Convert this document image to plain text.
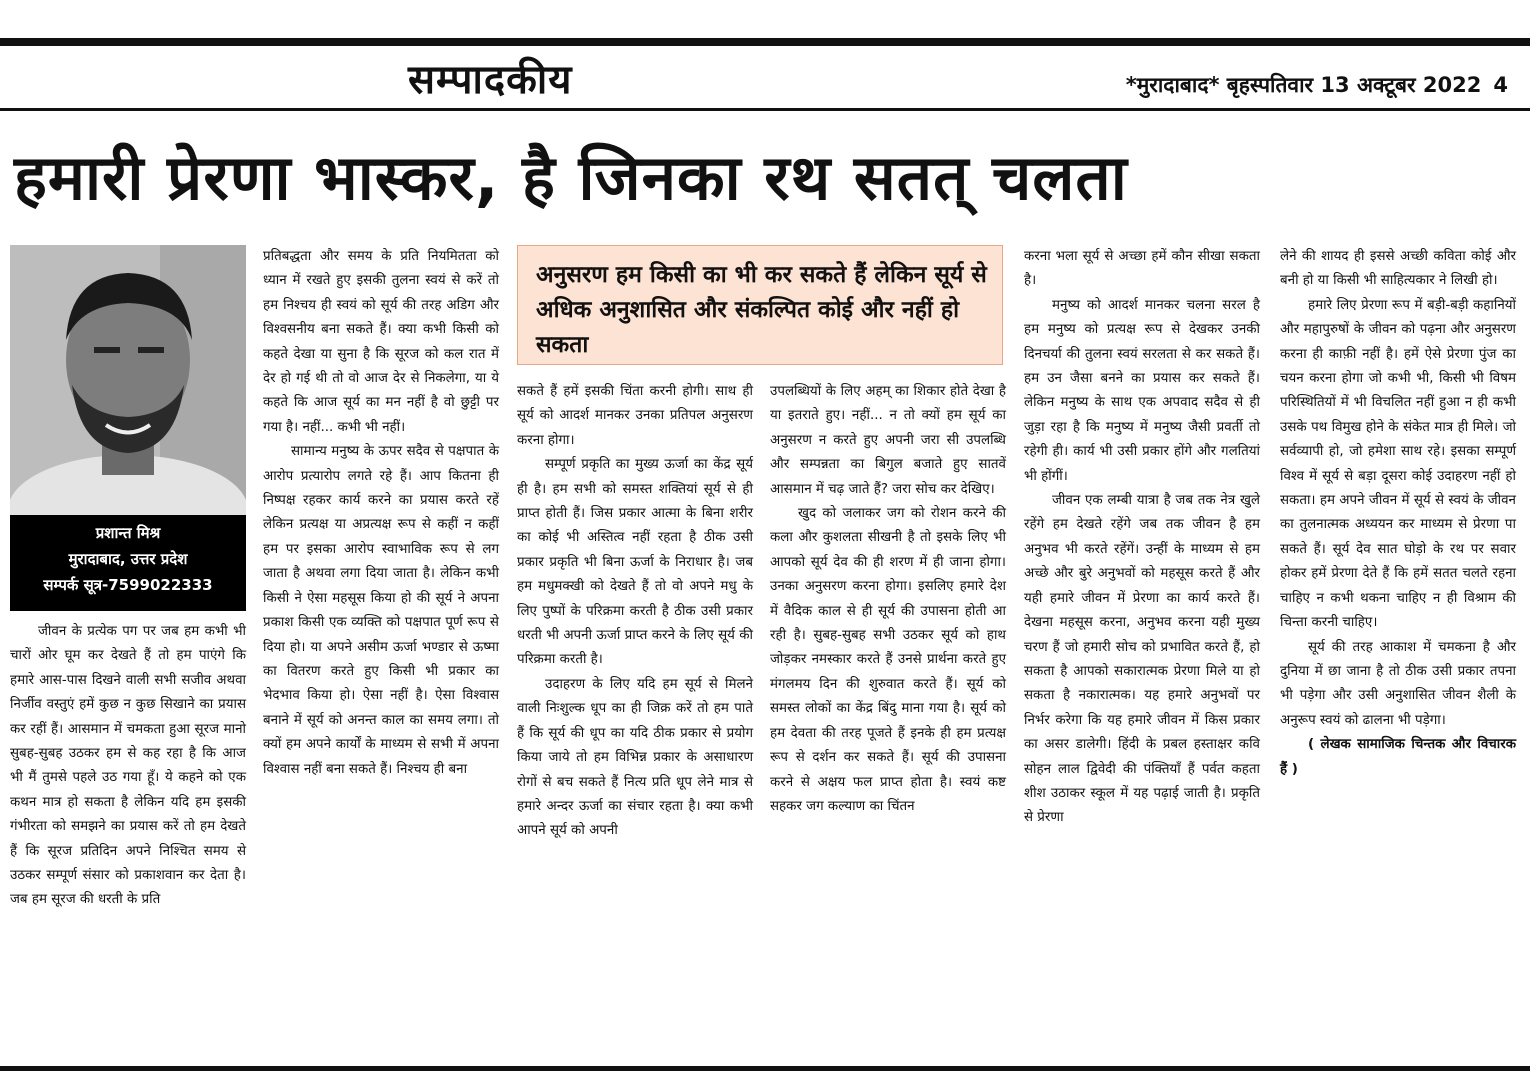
सम्पादकीय	*मुरादाबाद* बृहस्पतिवार 13 अक्टूबर 2022 4
हमारी प्रेरणा भास्कर, है जिनका रथ सतत् चलता
प्रशान्त मिश्र
मुरादाबाद, उत्तर प्रदेश
सम्पर्क सूत्र-7599022333
अनुसरण हम किसी का भी कर सकते हैं लेकिन सूर्य से अधिक अनुशासित और संकल्पित कोई और नहीं हो सकता

जीवन के प्रत्येक पग पर जब हम कभी भी चारों ओर घूम कर देखते हैं तो हम पाएंगे कि हमारे आस-पास दिखने वाली सभी सजीव अथवा निर्जीव वस्तुएं हमें कुछ न कुछ सिखाने का प्रयास कर रहीं हैं। आसमान में चमकता हुआ सूरज मानो सुबह-सुबह उठकर हम से कह रहा है कि आज भी मैं तुमसे पहले उठ गया हूँ। ये कहने को एक कथन मात्र हो सकता है लेकिन यदि हम इसकी गंभीरता को समझने का प्रयास करें तो हम देखते हैं कि सूरज प्रतिदिन अपने निश्चित समय से उठकर सम्पूर्ण संसार को प्रकाशवान कर देता है। जब हम सूरज की धरती के प्रति

प्रतिबद्धता और समय के प्रति नियमितता को ध्यान में रखते हुए इसकी तुलना स्वयं से करें तो हम निश्चय ही स्वयं को सूर्य की तरह अडिग और विश्वसनीय बना सकते हैं। क्या कभी किसी को कहते देखा या सुना है कि सूरज को कल रात में देर हो गई थी तो वो आज देर से निकलेगा, या ये कहते कि आज सूर्य का मन नहीं है वो छुट्टी पर गया है। नहीं... कभी भी नहीं।

सामान्य मनुष्य के ऊपर सदैव से पक्षपात के आरोप प्रत्यारोप लगते रहे हैं। आप कितना ही निष्पक्ष रहकर कार्य करने का प्रयास करते रहें लेकिन प्रत्यक्ष या अप्रत्यक्ष रूप से कहीं न कहीं हम पर इसका आरोप स्वाभाविक रूप से लग जाता है अथवा लगा दिया जाता है। लेकिन कभी किसी ने ऐसा महसूस किया हो की सूर्य ने अपना प्रकाश किसी एक व्यक्ति को पक्षपात पूर्ण रूप से दिया हो। या अपने असीम ऊर्जा भण्डार से ऊष्मा का वितरण करते हुए किसी भी प्रकार का भेदभाव किया हो। ऐसा नहीं है। ऐसा विश्वास बनाने में सूर्य को अनन्त काल का समय लगा। तो क्यों हम अपने कार्यों के माध्यम से सभी में अपना विश्वास नहीं बना सकते हैं। निश्चय ही बना

सकते हैं हमें इसकी चिंता करनी होगी। साथ ही सूर्य को आदर्श मानकर उनका प्रतिपल अनुसरण करना होगा।

सम्पूर्ण प्रकृति का मुख्य ऊर्जा का केंद्र सूर्य ही है। हम सभी को समस्त शक्तियां सूर्य से ही प्राप्त होती हैं। जिस प्रकार आत्मा के बिना शरीर का कोई भी अस्तित्व नहीं रहता है ठीक उसी प्रकार प्रकृति भी बिना ऊर्जा के निराधार है। जब हम मधुमक्खी को देखते हैं तो वो अपने मधु के लिए पुष्पों के परिक्रमा करती है ठीक उसी प्रकार धरती भी अपनी ऊर्जा प्राप्त करने के लिए सूर्य की परिक्रमा करती है।

उदाहरण के लिए यदि हम सूर्य से मिलने वाली निःशुल्क धूप का ही जिक्र करें तो हम पाते हैं कि सूर्य की धूप का यदि ठीक प्रकार से प्रयोग किया जाये तो हम विभिन्न प्रकार के असाधारण रोगों से बच सकते हैं नित्य प्रति धूप लेने मात्र से हमारे अन्दर ऊर्जा का संचार रहता है। क्या कभी आपने सूर्य को अपनी

उपलब्धियों के लिए अहम् का शिकार होते देखा है या इतराते हुए। नहीं... न तो क्यों हम सूर्य का अनुसरण न करते हुए अपनी जरा सी उपलब्धि और सम्पन्नता का बिगुल बजाते हुए सातवें आसमान में चढ़ जाते हैं? जरा सोच कर देखिए।

खुद को जलाकर जग को रोशन करने की कला और कुशलता सीखनी है तो इसके लिए भी आपको सूर्य देव की ही शरण में ही जाना होगा। उनका अनुसरण करना होगा। इसलिए हमारे देश में वैदिक काल से ही सूर्य की उपासना होती आ रही है। सुबह-सुबह सभी उठकर सूर्य को हाथ जोड़कर नमस्कार करते हैं उनसे प्रार्थना करते हुए मंगलमय दिन की शुरुवात करते हैं। सूर्य को समस्त लोकों का केंद्र बिंदु माना गया है। सूर्य को हम देवता की तरह पूजते हैं इनके ही हम प्रत्यक्ष रूप से दर्शन कर सकते हैं। सूर्य की उपासना करने से अक्षय फल प्राप्त होता है। स्वयं कष्ट सहकर जग कल्याण का चिंतन

करना भला सूर्य से अच्छा हमें कौन सीखा सकता है।

मनुष्य को आदर्श मानकर चलना सरल है हम मनुष्य को प्रत्यक्ष रूप से देखकर उनकी दिनचर्या की तुलना स्वयं सरलता से कर सकते हैं। हम उन जैसा बनने का प्रयास कर सकते हैं। लेकिन मनुष्य के साथ एक अपवाद सदैव से ही जुड़ा रहा है कि मनुष्य में मनुष्य जैसी प्रवर्ती तो रहेगी ही। कार्य भी उसी प्रकार होंगे और गलतियां भी होंगीं।

जीवन एक लम्बी यात्रा है जब तक नेत्र खुले रहेंगे हम देखते रहेंगे जब तक जीवन है हम अनुभव भी करते रहेंगें। उन्हीं के माध्यम से हम अच्छे और बुरे अनुभवों को महसूस करते हैं और यही हमारे जीवन में प्रेरणा का कार्य करते हैं। देखना महसूस करना, अनुभव करना यही मुख्य चरण हैं जो हमारी सोच को प्रभावित करते हैं, हो सकता है आपको सकारात्मक प्रेरणा मिले या हो सकता है नकारात्मक। यह हमारे अनुभवों पर निर्भर करेगा कि यह हमारे जीवन में किस प्रकार का असर डालेगी। हिंदी के प्रबल हस्ताक्षर कवि सोहन लाल द्विवेदी की पंक्तियाँ हैं पर्वत कहता शीश उठाकर स्कूल में यह पढ़ाई जाती है। प्रकृति से प्रेरणा

लेने की शायद ही इससे अच्छी कविता कोई और बनी हो या किसी भी साहित्यकार ने लिखी हो।

हमारे लिए प्रेरणा रूप में बड़ी-बड़ी कहानियों और महापुरुषों के जीवन को पढ़ना और अनुसरण करना ही काफ़ी नहीं है। हमें ऐसे प्रेरणा पुंज का चयन करना होगा जो कभी भी, किसी भी विषम परिस्थितियों में भी विचलित नहीं हुआ न ही कभी उसके पथ विमुख होने के संकेत मात्र ही मिले। जो सर्वव्यापी हो, जो हमेशा साथ रहे। इसका सम्पूर्ण विश्व में सूर्य से बड़ा दूसरा कोई उदाहरण नहीं हो सकता। हम अपने जीवन में सूर्य से स्वयं के जीवन का तुलनात्मक अध्ययन कर माध्यम से प्रेरणा पा सकते हैं। सूर्य देव सात घोड़ो के रथ पर सवार होकर हमें प्रेरणा देते हैं कि हमें सतत चलते रहना चाहिए न कभी थकना चाहिए न ही विश्राम की चिन्ता करनी चाहिए।

सूर्य की तरह आकाश में चमकना है और दुनिया में छा जाना है तो ठीक उसी प्रकार तपना भी पड़ेगा और उसी अनुशासित जीवन शैली के अनुरूप स्वयं को ढालना भी पड़ेगा।

( लेखक सामाजिक चिन्तक और विचारक हैं )
